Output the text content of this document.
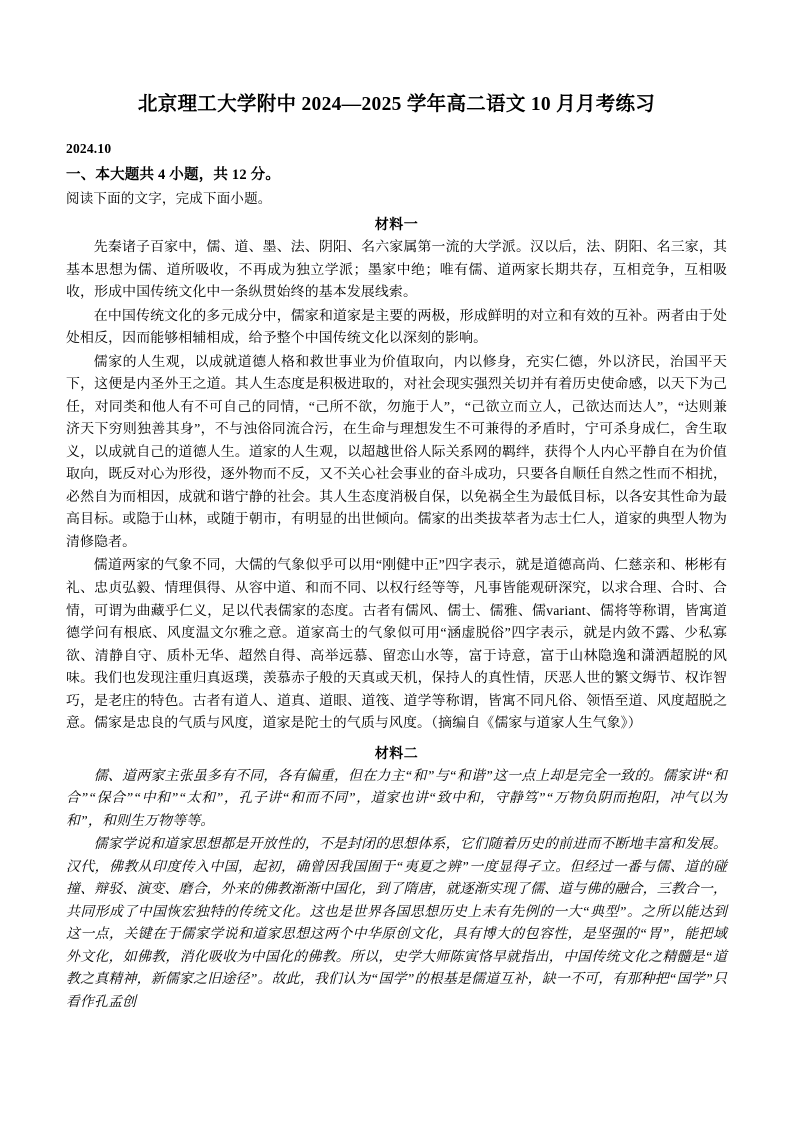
北京理工大学附中 2024—2025 学年高二语文 10 月月考练习
2024.10
一、本大题共 4 小题，共 12 分。
阅读下面的文字，完成下面小题。
材料一

先秦诸子百家中，儒、道、墨、法、阴阳、名六家属第一流的大学派。汉以后，法、阴阳、名三家，其基本思想为儒、道所吸收，不再成为独立学派；墨家中绝；唯有儒、道两家长期共存，互相竞争，互相吸收，形成中国传统文化中一条纵贯始终的基本发展线索。

在中国传统文化的多元成分中，儒家和道家是主要的两极，形成鲜明的对立和有效的互补。两者由于处处相反，因而能够相辅相成，给予整个中国传统文化以深刻的影响。

儒家的人生观，以成就道德人格和救世事业为价值取向，内以修身，充实仁德，外以济民，治国平天下，这便是内圣外王之道。其人生态度是积极进取的，对社会现实强烈关切并有着历史使命感，以天下为己任，对同类和他人有不可自己的同情，“己所不欲，勿施于人”，“己欲立而立人，己欲达而达人”，“达则兼济天下穷则独善其身”，不与浊俗同流合污，在生命与理想发生不可兼得的矛盾时，宁可杀身成仁，舍生取义，以成就自己的道德人生。道家的人生观，以超越世俗人际关系网的羁绊，获得个人内心平静自在为价值取向，既反对心为形役，逐外物而不反，又不关心社会事业的奋斗成功，只要各自顺任自然之性而不相扰，必然自为而相因，成就和谐宁静的社会。其人生态度消极自保，以免祸全生为最低目标，以各安其性命为最高目标。或隐于山林，或随于朝市，有明显的出世倾向。儒家的出类拔萃者为志士仁人，道家的典型人物为清修隐者。

儒道两家的气象不同，大儒的气象似乎可以用“刚健中正”四字表示，就是道德高尚、仁慈亲和、彬彬有礼、忠贞弘毅、情理俱得、从容中道、和而不同、以权行经等等，凡事皆能观研深究，以求合理、合时、合情，可谓为曲藏乎仁义，足以代表儒家的态度。古者有儒风、儒士、儒雅、儒variant、儒将等称谓，皆寓道德学问有根底、风度温文尔雅之意。道家高士的气象似可用“涵虚脱俗”四字表示，就是内敛不露、少私寡欲、清静自守、质朴无华、超然自得、高举远慕、留恋山水等，富于诗意，富于山林隐逸和潇洒超脱的风味。我们也发现注重归真返璞，羡慕赤子般的天真或天机，保持人的真性情，厌恶人世的繁文缛节、权诈智巧，是老庄的特色。古者有道人、道真、道眼、道筏、道学等称谓，皆寓不同凡俗、领悟至道、风度超脱之意。儒家是忠良的气质与风度，道家是陀士的气质与风度。（摘编自《儒家与道家人生气象》）

材料二

儒、道两家主张虽多有不同，各有偏重，但在力主“和”与“和谐”这一点上却是完全一致的。儒家讲“和合”“保合”“中和”“太和”，孔子讲“和而不同”，道家也讲“致中和，守静笃”“万物负阴而抱阳，冲气以为和”，和则生万物等等。

儒家学说和道家思想都是开放性的，不是封闭的思想体系，它们随着历史的前进而不断地丰富和发展。汉代，佛教从印度传入中国，起初，确曾因我国囿于“夷夏之辨”一度显得孑立。但经过一番与儒、道的碰撞、辩驳、演变、磨合，外来的佛教渐渐中国化，到了隋唐，就逐渐实现了儒、道与佛的融合，三教合一，共同形成了中国恢宏独特的传统文化。这也是世界各国思想历史上未有先例的一大“典型”。之所以能达到这一点，关键在于儒家学说和道家思想这两个中华原创文化，具有博大的包容性，是坚强的“胃”，能把域外文化，如佛教，消化吸收为中国化的佛教。所以，史学大师陈寅恪早就指出，中国传统文化之精髓是“道教之真精神，新儒家之旧途径”。故此，我们认为“国学”的根基是儒道互补，缺一不可，有那种把“国学”只看作孔孟创
